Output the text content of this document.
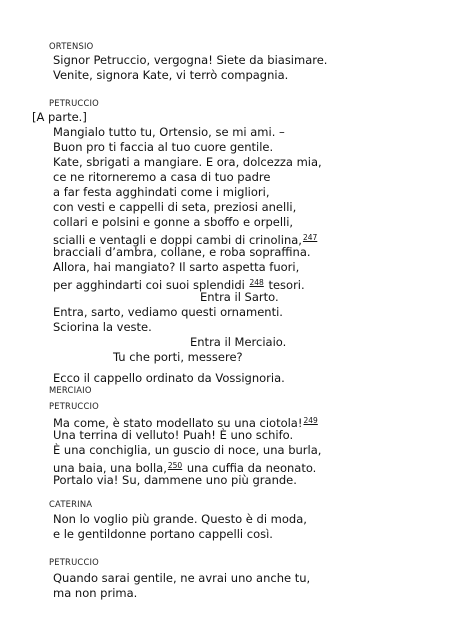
ORTENSIO
Signor Petruccio, vergogna! Siete da biasimare.
Venite, signora Kate, vi terrò compagnia.
PETRUCCIO
[A parte.]
Mangialo tutto tu, Ortensio, se mi ami. –
Buon pro ti faccia al tuo cuore gentile.
Kate, sbrigati a mangiare. E ora, dolcezza mia,
ce ne ritorneremo a casa di tuo padre
a far festa agghindati come i migliori,
con vesti e cappelli di seta, preziosi anelli,
collari e polsini e gonne a sboffo e orpelli,
scialli e ventagli e doppi cambi di crinolina,$^{247}$
bracciali d’ambra, collane, e roba sopraffina.
Allora, hai mangiato? Il sarto aspetta fuori,
per agghindarti coi suoi splendidi $^{248}$ tesori.
Entra il Sarto.
Entra, sarto, vediamo questi ornamenti.
Sciorina la veste.
Entra il Merciaio.
Tu che porti, messere?
MERCIAIO
Ecco il cappello ordinato da Vossignoria.
PETRUCCIO
Ma come, è stato modellato su una ciotola!$^{249}$
Una terrina di velluto! Puah! È uno schifo.
È una conchiglia, un guscio di noce, una burla,
una baia, una bolla,$^{250}$ una cuffia da neonato.
Portalo via! Su, dammene uno più grande.
CATERINA
Non lo voglio più grande. Questo è di moda,
e le gentildonne portano cappelli così.
PETRUCCIO
Quando sarai gentile, ne avrai uno anche tu,
ma non prima.
